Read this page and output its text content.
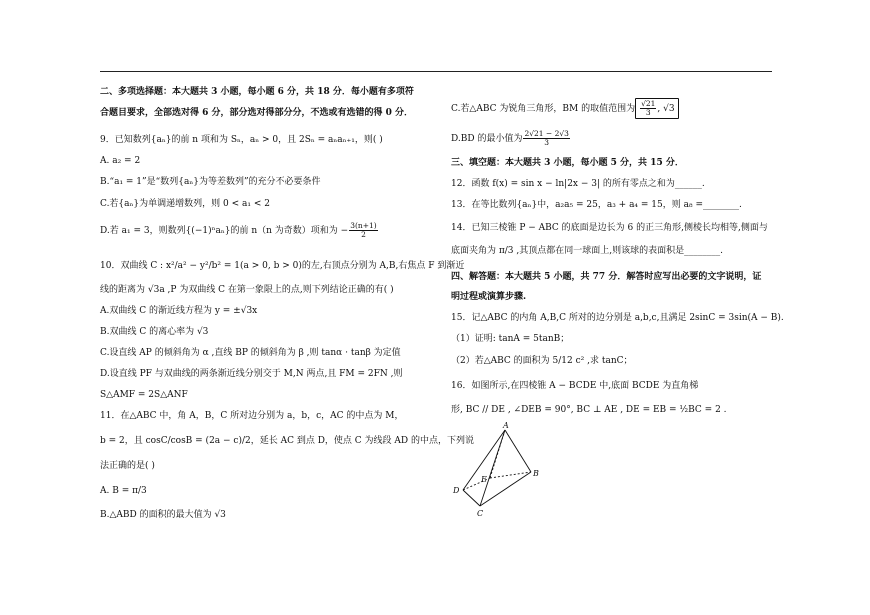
二、多项选择题：本大题共 3 小题，每小题 6 分，共 18 分．每小题有多项符
合题目要求，全部选对得 6 分，部分选对得部分分，不选或有选错的得 0 分．
9．已知数列{aₙ}的前 n 项和为 Sₙ，aₙ > 0，且 2Sₙ = aₙaₙ₊₁，则( )
A. a₂ = 2
B.“a₁ = 1”是“数列{aₙ}为等差数列”的充分不必要条件
C.若{aₙ}为单调递增数列，则 0 < a₁ < 2
D.若 a₁ = 3，则数列{(−1)ⁿaₙ}的前 n（n 为奇数）项和为 − $\frac{3(n+1)}{2}$
10．双曲线 C : x²/a² − y²/b² = 1(a > 0, b > 0)的左,右顶点分别为 A,B,右焦点 F 到渐近
线的距离为 √3a ,P 为双曲线 C 在第一象限上的点,则下列结论正确的有( )
A.双曲线 C 的渐近线方程为 y = ±√3x
B.双曲线 C 的离心率为 √3
C.设直线 AP 的倾斜角为 α ,直线 BP 的倾斜角为 β ,则 tanα · tanβ 为定值
D.设直线 PF 与双曲线的两条渐近线分别交于 M,N 两点,且 FM = 2FN ,则
S△AMF = 2S△ANF
11．在△ABC 中，角 A，B，C 所对边分别为 a，b，c，AC 的中点为 M，
b = 2，且 cosC/cosB = (2a − c)/2，延长 AC 到点 D，使点 C 为线段 AD 的中点，下列说
法正确的是( )
A. B = π/3
B.△ABD 的面积的最大值为 √3
C.若△ABC 为锐角三角形，BM 的取值范围为 $\frac{√21}{3}$ , √3
D.BD 的最小值为 $\frac{2√21 - 2√3}{3}$
三、填空题：本大题共 3 小题，每小题 5 分，共 15 分．
12．函数 f(x) = sin x − ln|2x − 3| 的所有零点之和为______.
13．在等比数列{aₙ}中，a₂a₅ = 25，a₃ + a₄ = 15，则 a₈ =________.
14．已知三棱锥 P − ABC 的底面是边长为 6 的正三角形,侧棱长均相等,侧面与
底面夹角为 π/3 ,其顶点都在同一球面上,则该球的表面积是________.
四、解答题：本大题共 5 小题，共 77 分．解答时应写出必要的文字说明，证
明过程或演算步骤.
15．记△ABC 的内角 A,B,C 所对的边分别是 a,b,c,且满足 2sinC = 3sin(A − B).
（1）证明: tanA = 5tanB；
（2）若△ABC 的面积为 5/12 c² ,求 tanC；
16．如图所示,在四棱锥 A − BCDE 中,底面 BCDE 为直角梯
形, BC // DE , ∠DEB = 90°, BC ⊥ AE , DE = EB = ½BC = 2 .
A
B
C
D
E
